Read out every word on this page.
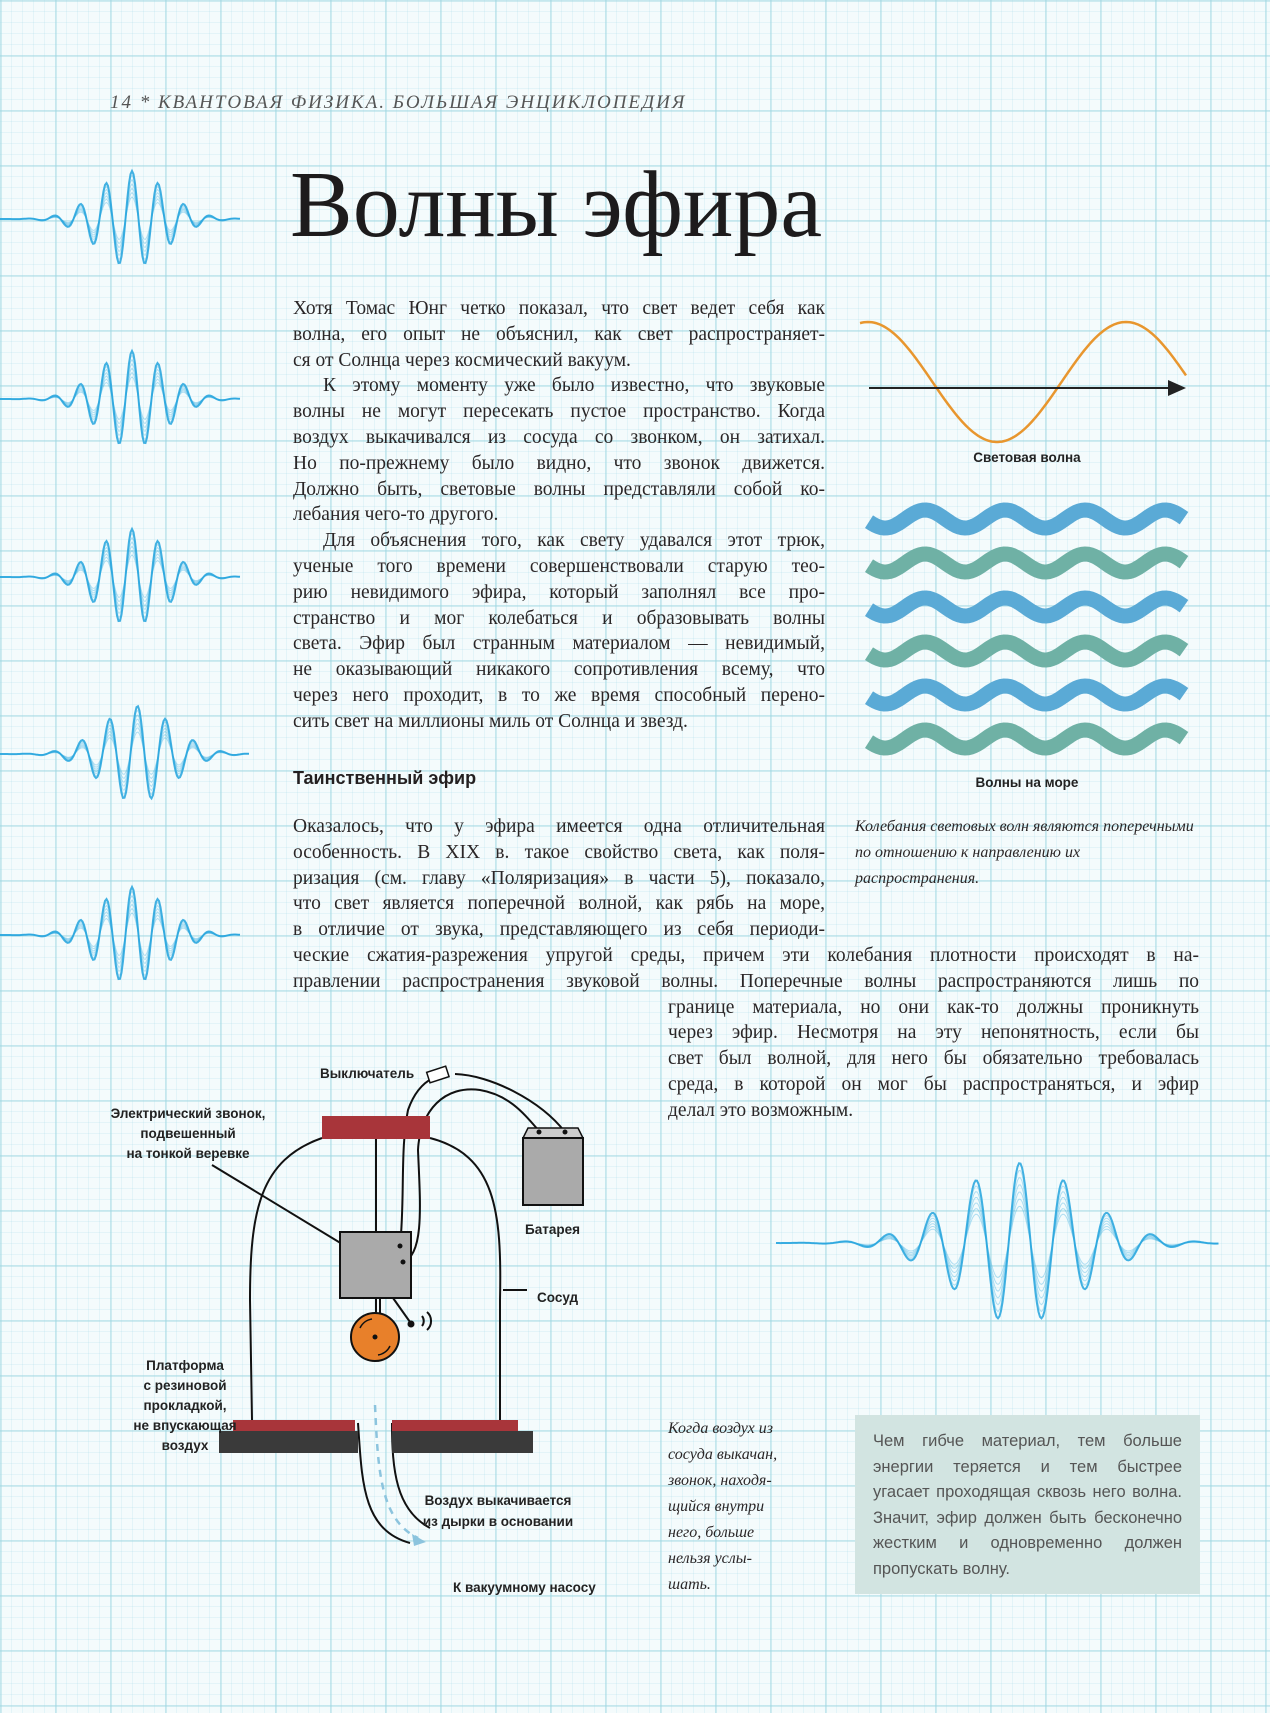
14 * КВАНТОВАЯ ФИЗИКА. БОЛЬШАЯ ЭНЦИКЛОПЕДИЯ
Волны эфира
Хотя Томас Юнг четко показал, что свет ведет себя как
волна, его опыт не объяснил, как свет распространяет-
ся от Солнца через космический вакуум.
К этому моменту уже было известно, что звуковые
волны не могут пересекать пустое пространство. Когда
воздух выкачивался из сосуда со звонком, он затихал.
Но по-прежнему было видно, что звонок движется.
Должно быть, световые волны представляли собой ко-
лебания чего-то другого.
Для объяснения того, как свету удавался этот трюк,
ученые того времени совершенствовали старую тео-
рию невидимого эфира, который заполнял все про-
странство и мог колебаться и образовывать волны
света. Эфир был странным материалом — невидимый,
не оказывающий никакого сопротивления всему, что
через него проходит, в то же время способный перено-
сить свет на миллионы миль от Солнца и звезд.
Оказалось, что у эфира имеется одна отличительная
особенность. В XIX в. такое свойство света, как поля-
ризация (см. главу «Поляризация» в части 5), показало,
что свет является поперечной волной, как рябь на море,
в отличие от звука, представляющего из себя периоди-
ческие сжатия-разрежения упругой среды, причем эти колебания плотности происходят в на-
правлении распространения звуковой волны. Поперечные волны распространяются лишь по
границе материала, но они как-то должны проникнуть
через эфир. Несмотря на эту непонятность, если бы
свет был волной, для него бы обязательно требовалась
среда, в которой он мог бы распространяться, и эфир
делал это возможным.
Таинственный эфир
Световая волна
Волны на море
Колебания световых волн являются поперечными по отношению к направлению их распространения.
Выключатель
Электрический звонок,
подвешенный
на тонкой веревке
Батарея
Сосуд
Платформа
с резиновой
прокладкой,
не впускающая
воздух
Воздух выкачивается
из дырки в основании
К вакуумному насосу
Когда воздух из
сосуда выкачан,
звонок, находя-
щийся внутри
него, больше
нельзя услы-
шать.
Чем гибче материал, тем больше энергии теряется и тем быстрее угасает проходящая сквозь него волна. Значит, эфир должен быть бесконечно жестким и одновременно должен пропускать волну.
